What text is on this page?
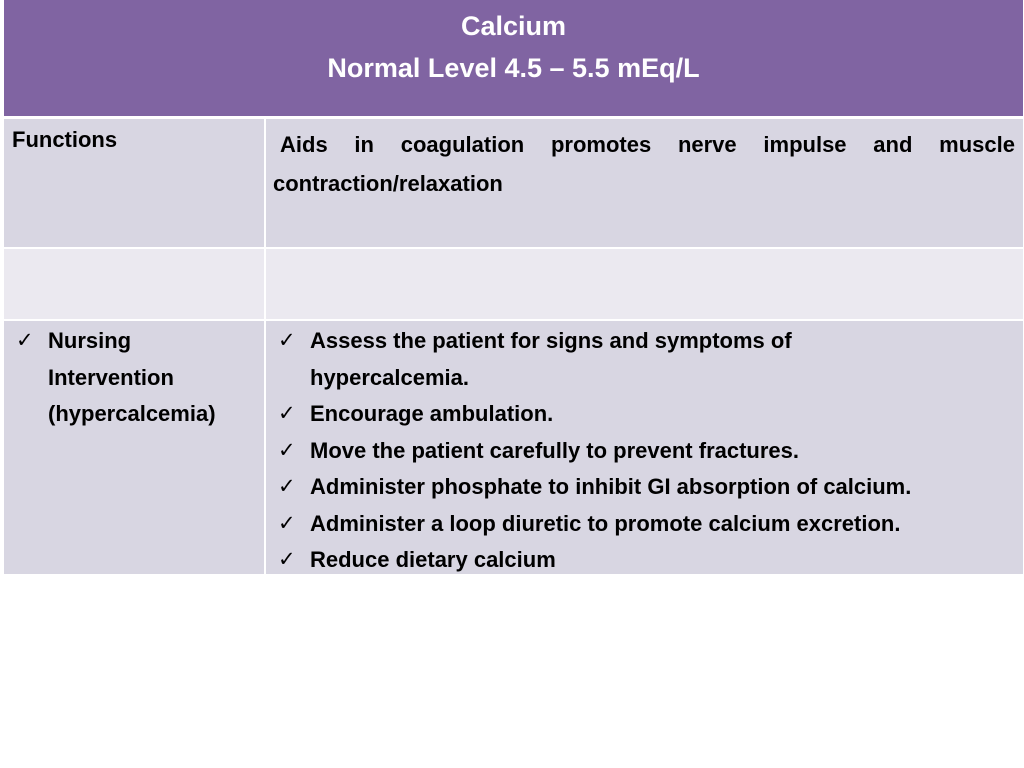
Calcium
Normal Level 4.5 – 5.5 mEq/L
Functions	Aids in coagulation promotes nerve impulse and muscle
contraction/relaxation
✓ Nursing
Intervention
(hypercalcemia)
✓ Assess the patient for signs and symptoms of
hypercalcemia.
✓ Encourage ambulation.
✓ Move the patient carefully to prevent fractures.
✓ Administer phosphate to inhibit GI absorption of calcium.
✓ Administer a loop diuretic to promote calcium excretion.
✓ Reduce dietary calcium
